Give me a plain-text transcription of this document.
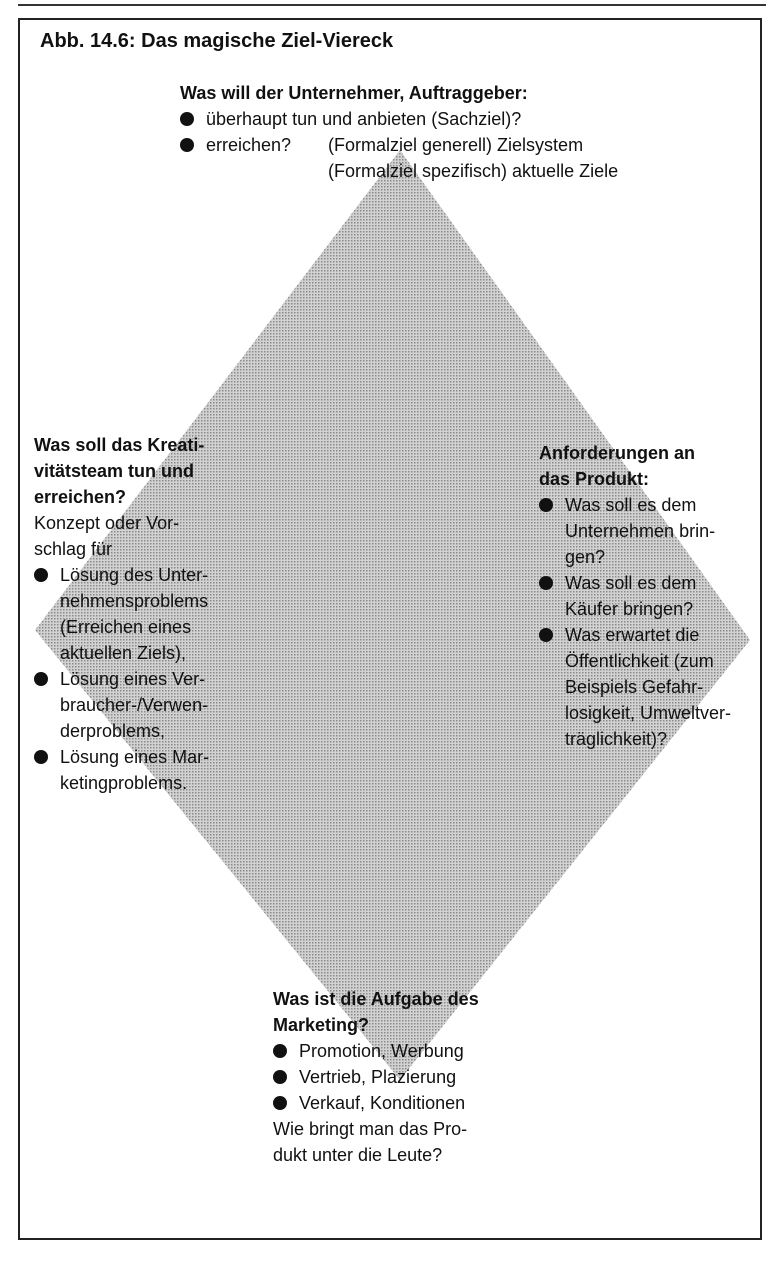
Abb. 14.6: Das magische Ziel-Viereck
Was will der Unternehmer, Auftraggeber:
überhaupt tun und anbieten (Sachziel)?
erreichen?	(Formalziel generell) Zielsystem
(Formalziel spezifisch) aktuelle Ziele
Was soll das Kreati-
vitätsteam tun und
erreichen?
Konzept oder Vor-
schlag für
Lösung des Unter-
nehmensproblems
(Erreichen eines
aktuellen Ziels),
Lösung eines Ver-
braucher-/Verwen-
derproblems,
Lösung eines Mar-
ketingproblems.
Anforderungen an
das Produkt:
Was soll es dem
Unternehmen brin-
gen?
Was soll es dem
Käufer bringen?
Was erwartet die
Öffentlichkeit (zum
Beispiels Gefahr-
losigkeit, Umweltver-
träglichkeit)?
Was ist die Aufgabe des
Marketing?
Promotion, Werbung
Vertrieb, Plazierung
Verkauf, Konditionen
Wie bringt man das Pro-
dukt unter die Leute?
